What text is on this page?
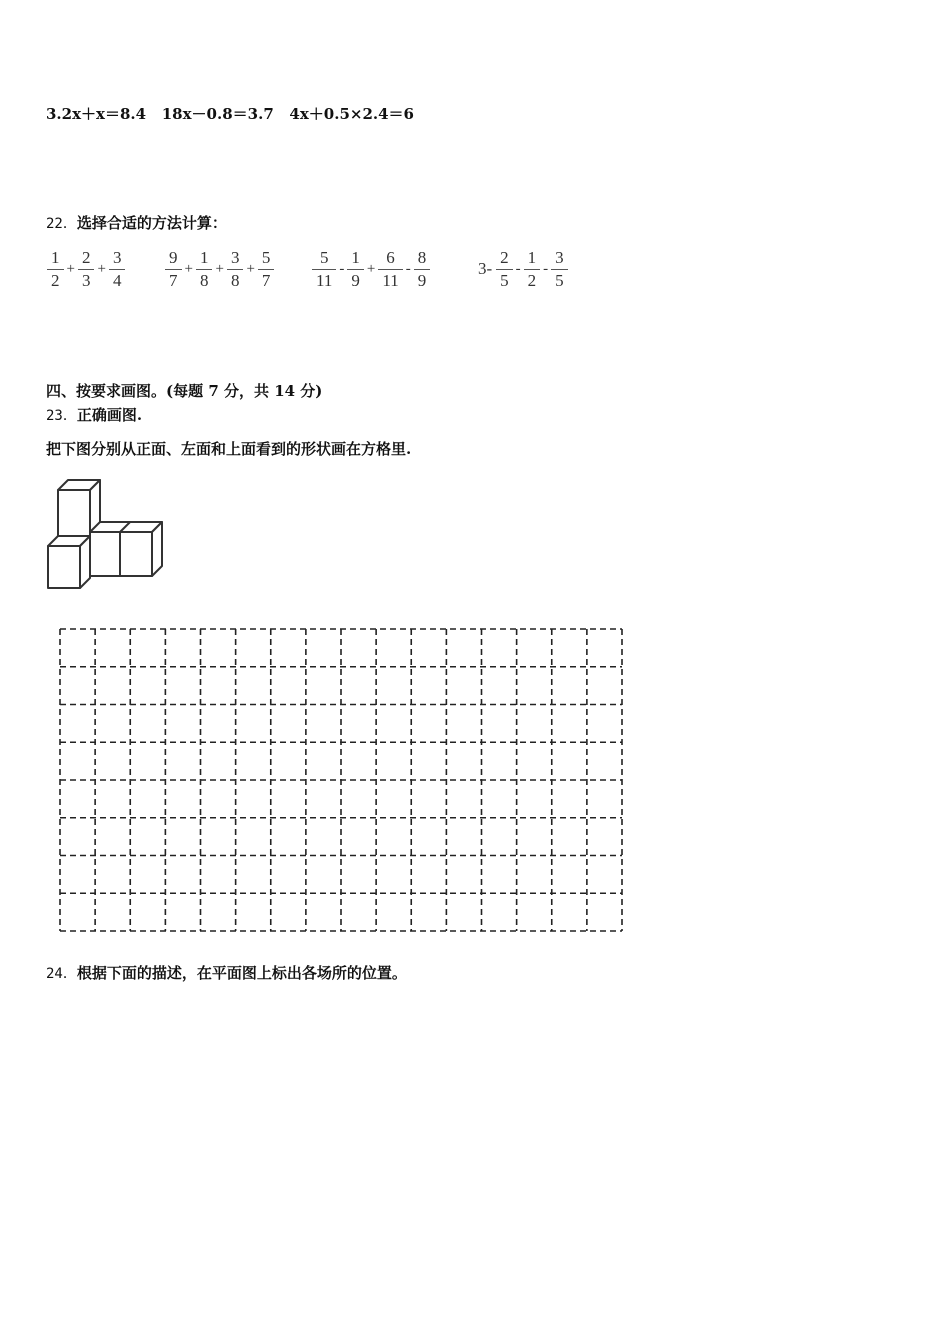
3.2x＋x＝8.4   18x－0.8＝3.7   4x＋0.5×2.4＝6
22．选择合适的方法计算：
$\frac{1}{2} + \frac{2}{3} + \frac{3}{4} \frac{9}{7} + \frac{1}{8} + \frac{3}{8} + \frac{5}{7} \frac{5}{11} - \frac{1}{9} + \frac{6}{11} - \frac{8}{9}$	$3- \frac{2}{5} - \frac{1}{2} - \frac{3}{5}$
四、按要求画图。(每题 7 分，共 14 分)
23．正确画图.
把下图分别从正面、左面和上面看到的形状画在方格里.
24．根据下面的描述，在平面图上标出各场所的位置。
